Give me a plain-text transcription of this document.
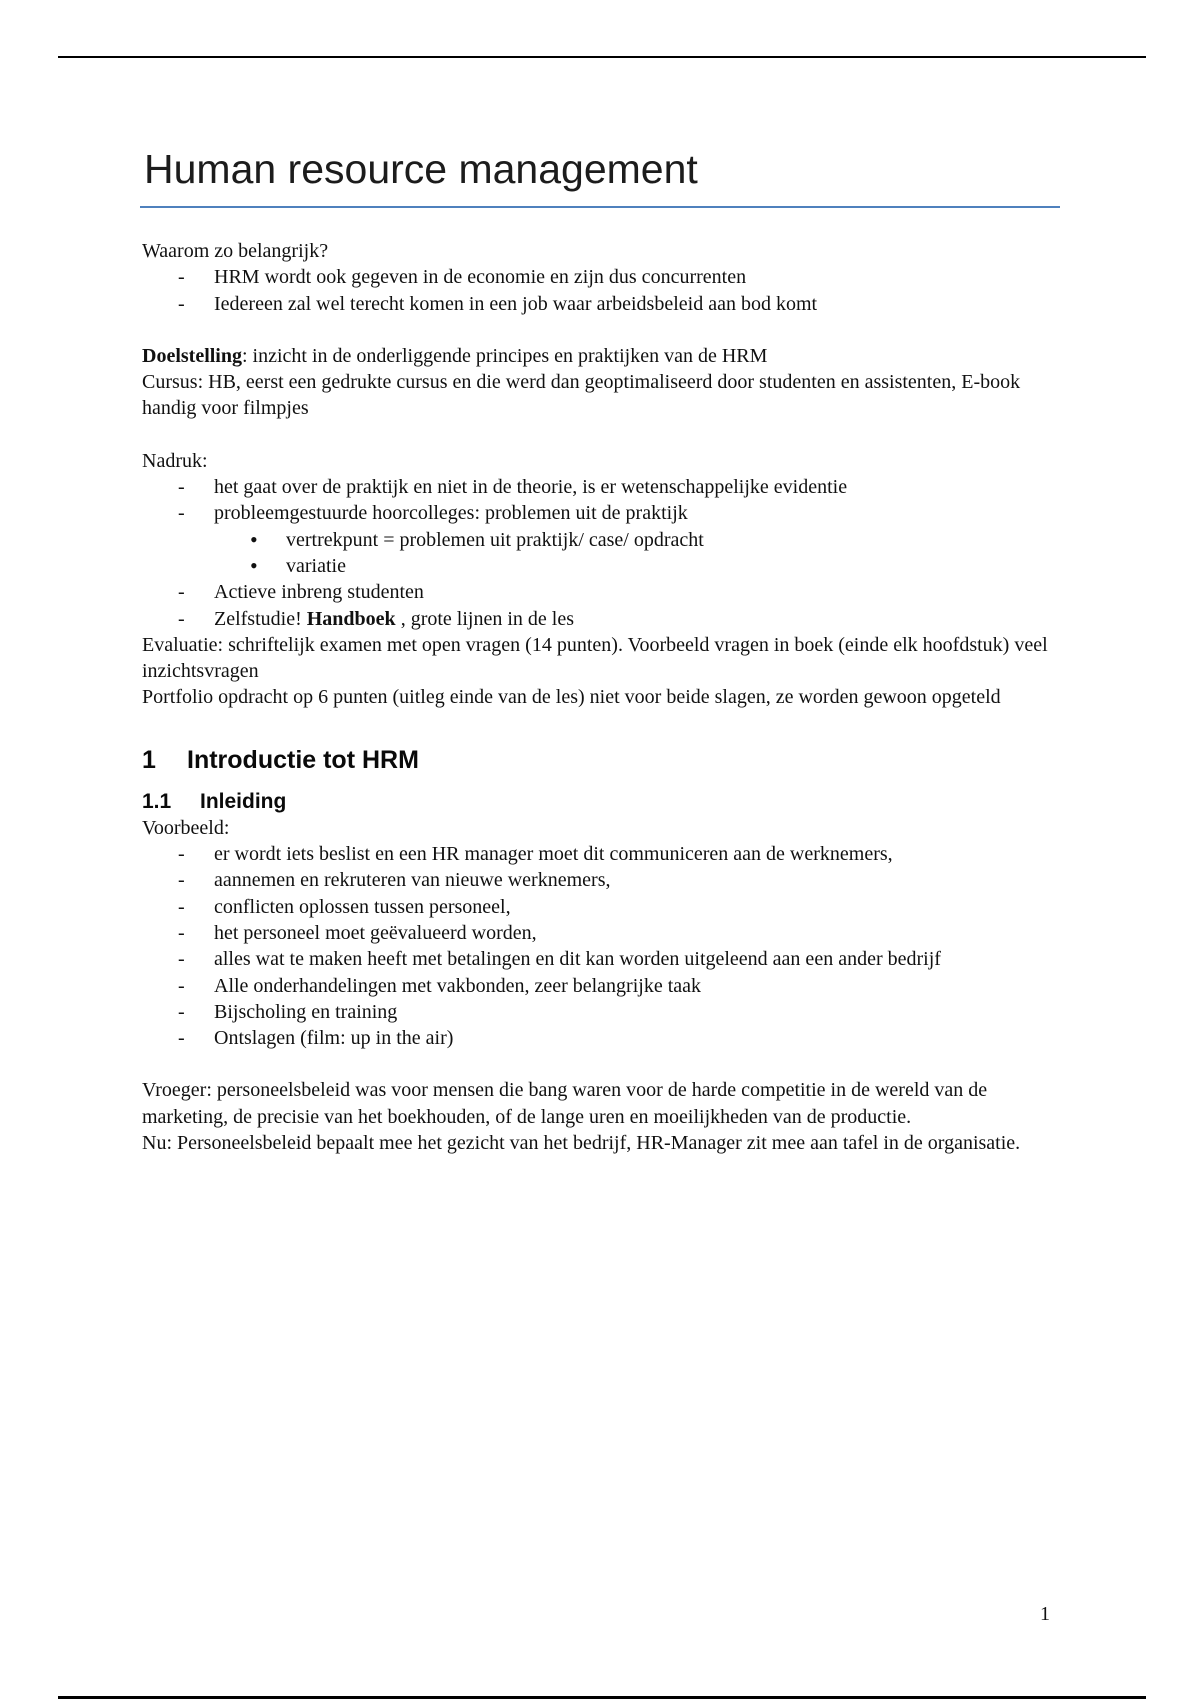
Human resource management

Waarom zo belangrijk?

- HRM wordt ook gegeven in de economie en zijn dus concurrenten
- Iedereen zal wel terecht komen in een job waar arbeidsbeleid aan bod komt

Doelstelling: inzicht in de onderliggende principes en praktijken van de HRM

Cursus: HB, eerst een gedrukte cursus en die werd dan geoptimaliseerd door studenten en assistenten, E-book handig voor filmpjes

Nadruk:

- het gaat over de praktijk en niet in de theorie, is er wetenschappelijke evidentie
- probleemgestuurde hoorcolleges: problemen uit de praktijk
• vertrekpunt = problemen uit praktijk/ case/ opdracht
• variatie
- Actieve inbreng studenten
- Zelfstudie! Handboek , grote lijnen in de les

Evaluatie: schriftelijk examen met open vragen (14 punten). Voorbeeld vragen in boek (einde elk hoofdstuk) veel inzichtsvragen

Portfolio opdracht op 6 punten (uitleg einde van de les) niet voor beide slagen, ze worden gewoon opgeteld

1	Introductie tot HRM
1.1	Inleiding

Voorbeeld:

- er wordt iets beslist en een HR manager moet dit communiceren aan de werknemers,
- aannemen en rekruteren van nieuwe werknemers,
- conflicten oplossen tussen personeel,
- het personeel moet geëvalueerd worden,
- alles wat te maken heeft met betalingen en dit kan worden uitgeleend aan een ander bedrijf
- Alle onderhandelingen met vakbonden, zeer belangrijke taak
- Bijscholing en training
- Ontslagen (film: up in the air)

Vroeger: personeelsbeleid was voor mensen die bang waren voor de harde competitie in de wereld van de marketing, de precisie van het boekhouden, of de lange uren en moeilijkheden van de productie.

Nu: Personeelsbeleid bepaalt mee het gezicht van het bedrijf, HR-Manager zit mee aan tafel in de organisatie.

1
